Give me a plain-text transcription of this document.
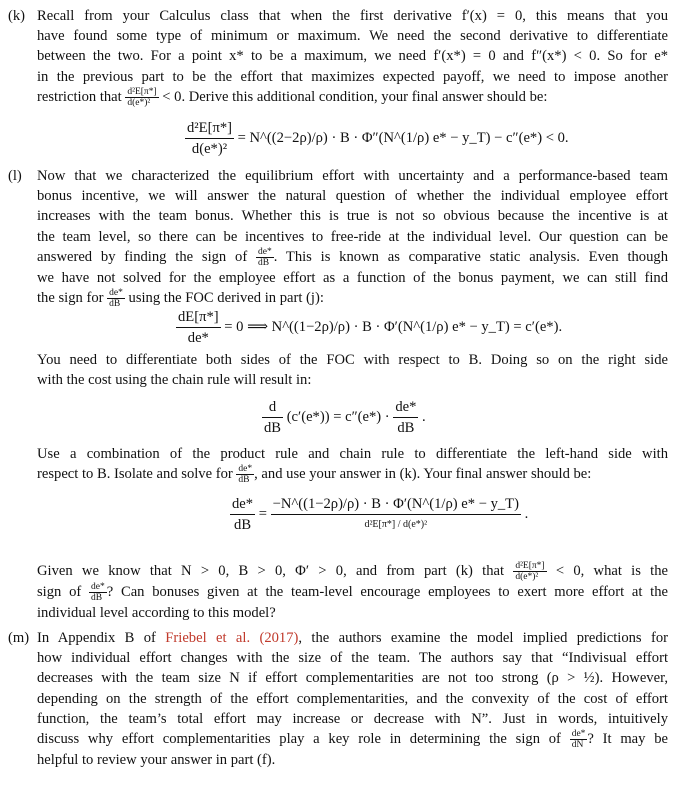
(k) Recall from your Calculus class that when the first derivative f′(x) = 0, this means that you
have found some type of minimum or maximum. We need the second derivative to differentiate
between the two. For a point x* to be a maximum, we need f′(x*) = 0 and f″(x*) < 0. So for e*
in the previous part to be the effort that maximizes expected payoff, we need to impose another
restriction that $\frac{\text{d²E[π*]}}{\text{d(e*)²}} < 0$. Derive this additional condition, your final answer should be:
$\frac{\text{d²E[π*]}}{\text{d(e*)²}}$ = N^((2−2ρ)/ρ) · B · Φ″(N^(1/ρ) e* − y_T) − c″(e*) < 0.
(l) Now that we characterized the equilibrium effort with uncertainty and a performance-based team
bonus incentive, we will answer the natural question of whether the individual employee effort
increases with the team bonus. Whether this is true is not so obvious because the incentive is at
the team level, so there can be incentives to free-ride at the individual level. Our question can be
answered by finding the sign of $\frac{de*}{dB}$ . This is known as comparative static analysis. Even though
we have not solved for the employee effort as a function of the bonus payment, we can still find
the sign for $\frac{de*}{dB}$ using the FOC derived in part (j):
$\frac{dE[\pi*]}{de*} = 0$ ⟹ N^((1−2ρ)/ρ) · B · Φ′(N^(1/ρ) e* − y_T) = c′(e*).
You need to differentiate both sides of the FOC with respect to B. Doing so on the right side
with the cost using the chain rule will result in:
$\frac{d}{dB} (c'(e*)) = c''(e*) \cdot \frac{de*}{dB}$ .
Use a combination of the product rule and chain rule to differentiate the left-hand side with
respect to B. Isolate and solve for $\frac{de*}{dB}$ , and use your answer in (k). Your final answer should be:
$\frac{de*}{dB} = \frac{-N\^{}((1-2\rho)/\rho) \cdot B \cdot \Phi'(N\^{}(1/\rho) e* - y\_T)}{\text{d²E[π*] / d(e*)²}}$ .
Given we know that N > 0, B > 0, Φ′ > 0, and from part (k) that $\frac{\text{d²E[π*]}}{\text{d(e*)²}} < 0$, what is the
sign of $\frac{de*}{dB}$ ? Can bonuses given at the team-level encourage employees to exert more effort at the
individual level according to this model?
(m) In Appendix B of Friebel et al. (2017), the authors examine the model implied predictions for
how individual effort changes with the size of the team. The authors say that “Indivisual effort
decreases with the team size N if effort complementarities are not too strong (ρ > ½). However,
depending on the strength of the effort complementarities, and the convexity of the cost of effort
function, the team’s total effort may increase or decrease with N”. Just in words, intuitively
discuss why effort complementarities play a key role in determining the sign of $\frac{de*}{dN}$ ? It may be
helpful to review your answer in part (f).
